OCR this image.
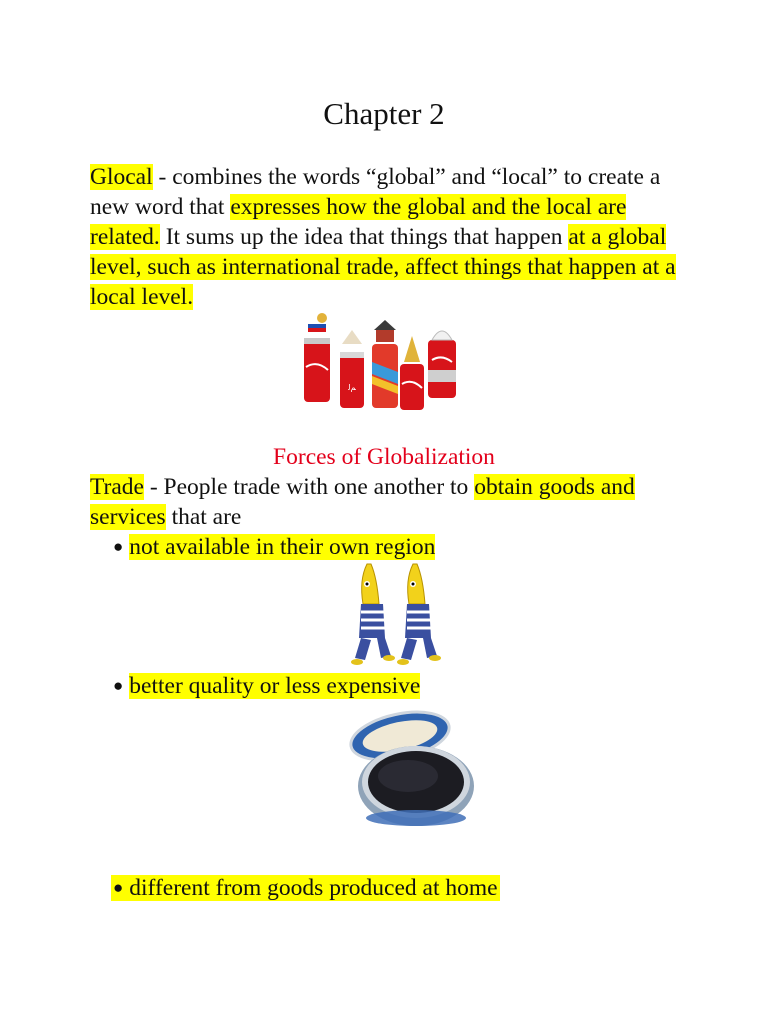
Chapter 2
Glocal - combines the words “global” and “local” to create a new word that expresses how the global and the local are related. It sums up the idea that things that happen at a global level, such as international trade, affect things that happen at a local level.
ﻢﻟ
Forces of Globalization
Trade - People trade with one another to obtain goods and services that are
● not available in their own region
● better quality or less expensive
● different from goods produced at home
